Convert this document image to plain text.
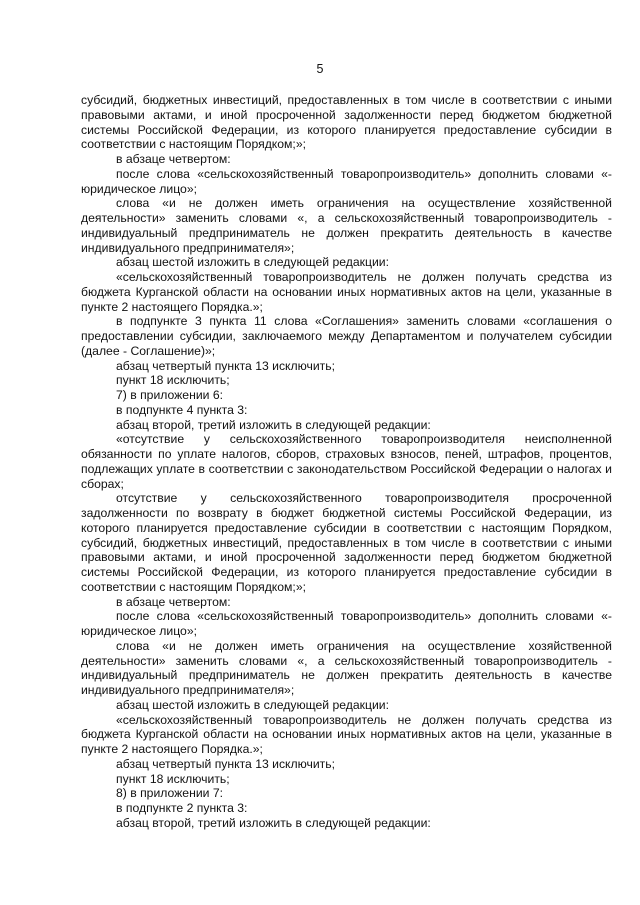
5

субсидий, бюджетных инвестиций, предоставленных в том числе в соответствии с иными правовыми актами, и иной просроченной задолженности перед бюджетом бюджетной системы Российской Федерации, из которого планируется предоставление субсидии в соответствии с настоящим Порядком;»;

в абзаце четвертом:

после слова «сельскохозяйственный товаропроизводитель» дополнить словами «- юридическое лицо»;

слова «и не должен иметь ограничения на осуществление хозяйственной деятельности» заменить словами «, а сельскохозяйственный товаропроизводитель - индивидуальный предприниматель не должен прекратить деятельность в качестве индивидуального предпринимателя»;

абзац шестой изложить в следующей редакции:

«сельскохозяйственный товаропроизводитель не должен получать средства из бюджета Курганской области на основании иных нормативных актов на цели, указанные в пункте 2 настоящего Порядка.»;

в подпункте 3 пункта 11 слова «Соглашения» заменить словами «соглашения о предоставлении субсидии, заключаемого между Департаментом и получателем субсидии (далее - Соглашение)»;

абзац четвертый пункта 13 исключить;

пункт 18 исключить;

7) в приложении 6:

в подпункте 4 пункта 3:

абзац второй, третий изложить в следующей редакции:

«отсутствие у сельскохозяйственного товаропроизводителя неисполненной обязанности по уплате налогов, сборов, страховых взносов, пеней, штрафов, процентов, подлежащих уплате в соответствии с законодательством Российской Федерации о налогах и сборах;

отсутствие у сельскохозяйственного товаропроизводителя просроченной задолженности по возврату в бюджет бюджетной системы Российской Федерации, из которого планируется предоставление субсидии в соответствии с настоящим Порядком, субсидий, бюджетных инвестиций, предоставленных в том числе в соответствии с иными правовыми актами, и иной просроченной задолженности перед бюджетом бюджетной системы Российской Федерации, из которого планируется предоставление субсидии в соответствии с настоящим Порядком;»;

в абзаце четвертом:

после слова «сельскохозяйственный товаропроизводитель» дополнить словами «- юридическое лицо»;

слова «и не должен иметь ограничения на осуществление хозяйственной деятельности» заменить словами «, а сельскохозяйственный товаропроизводитель - индивидуальный предприниматель не должен прекратить деятельность в качестве индивидуального предпринимателя»;

абзац шестой изложить в следующей редакции:

«сельскохозяйственный товаропроизводитель не должен получать средства из бюджета Курганской области на основании иных нормативных актов на цели, указанные в пункте 2 настоящего Порядка.»;

абзац четвертый пункта 13 исключить;

пункт 18 исключить;

8) в приложении 7:

в подпункте 2 пункта 3:

абзац второй, третий изложить в следующей редакции:
